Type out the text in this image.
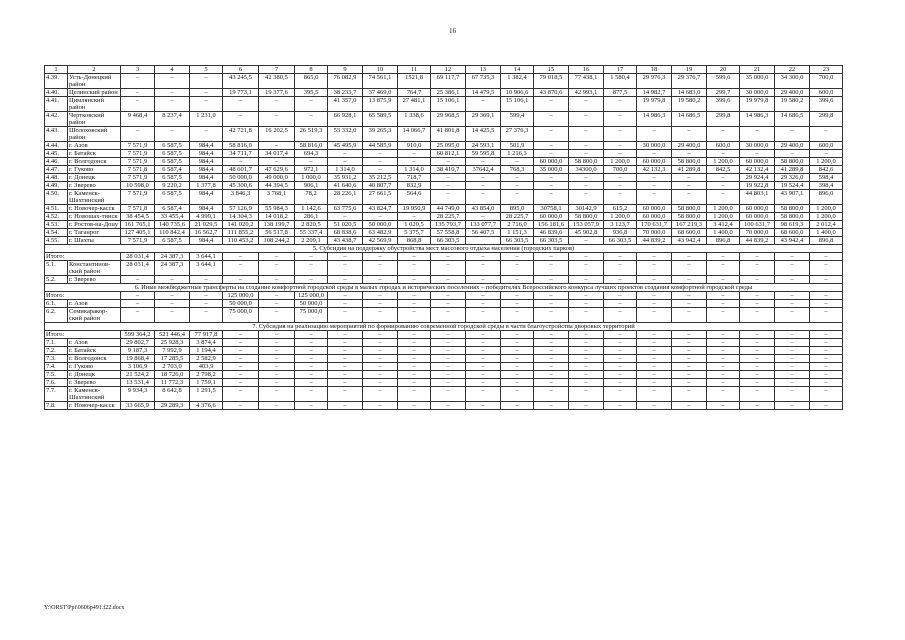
16
1	2	3	4	5	6	7	8	9	10	11	12	13	14	15	16	17	18	19	20	21	22	23
4.39.	Усть-Донецкий район	–	–	–	43 245,5	42 380,5	865,0	76 082,9	74 561,1	1521,8	69 117,7	67 735,3	1 382,4	79 018,5	77 438,1	1 580,4	29 976,3	29 376,7	599,6	35 000,0	34 300,0	700,0
4.40.	Целинский район	–	–	–	19 773,1	19 377,6	395,5	38 233,7	37 469,0	764,7	25 386,1	14 479,5	10 906,6	43 870,6	42 993,1	877,5	14 982,7	14 683,0	299,7	30 000,0	29 400,0	600,0
4.41.	Цимлянский район	–	–	–	–	–	–	41 357,0	13 875,9	27 481,1	15 106,1	–	15 106,1	–	–	–	19 979,8	19 580,2	399,6	19 979,8	19 580,2	399,6
4.42.	Чертковский район	9 468,4	8 237,4	1 231,0	–	–	–	66 928,1	65 589,5	1 338,6	29 968,5	29 369,1	599,4	–	–	–	14 986,3	14 686,5	299,8	14 986,3	14 686,5	299,8
4.43.	Шолоховский район	–	–	–	42 721,8	16 202,5	26 519,3	53 332,0	39 265,3	14 066,7	41 801,8	14 425,5	27 376,3	–	–	–	–	–	–	–	–	–
4.44.	г. Азов	7 571,9	6 587,5	984,4	58 816,0	–	58 816,0	45 495,9	44 585,9	910,0	25 095,0	24 593,1	501,9	–	–	–	30 000,0	29 400,0	600,0	30 000,0	29 400,0	600,0
4.45.	г. Батайск	7 571,9	6 587,5	984,4	34 711,7	34 017,4	694,3	–	–	–	60 812,1	59 595,8	1 216,3	–	–	–	–	–	–	–	–	–
4.46.	г. Волгодонск	7 571,9	6 587,5	984,4	–	–	–	–	–	–	–	–	–	60 000,0	58 800,0	1 200,0	60 000,0	58 800,0	1 200,0	60 000,0	58 800,0	1 200,0
4.47.	г. Гуково	7 571,8	6 587,4	984,4	48 601,7	47 629,6	972,1	1 314,0	–	1 314,0	38 410,7	37642,4	768,3	35 000,0	34300,0	700,0	42 132,3	41 289,8	842,5	42 132,4	41 289,8	842,6
4.48.	г. Донецк	7 571,9	6 587,5	984,4	50 000,0	49 000,0	1 000,0	35 931,2	35 212,5	718,7	–	–	–	–	–	–	–	–	–	29 924,4	29 326,0	598,4
4.49.	г. Зверево	10 598,0	9 220,2	1 377,8	45 300,6	44 394,5	906,1	41 640,6	40 807,7	832,9	–	–	–	–	–	–	–	–	–	19 922,8	19 524,4	398,4
4.50.	г. Каменск-Шахтинский	7 571,9	6 587,5	984,4	3 846,3	3 768,1	78,2	28 226,1	27 661,5	564,6	–	–	–	–	–	–	–	–	–	44 803,1	43 907,1	896,0
4.51.	г. Новочер-касск	7 571,8	6 587,4	984,4	57 126,9	55 984,3	1 142,6	63 775,6	43 824,7	19 950,9	44 749,0	43 854,0	895,0	30758,1	30142,9	615,2	60 000,0	58 800,0	1 200,0	60 000,0	58 800,0	1 200,0
4.52.	г. Новошах-тинск	38 454,5	33 455,4	4 999,1	14 304,3	14 018,2	286,1	–	–	–	28 225,7	–	28 225,7	60 000,0	58 800,0	1 200,0	60 000,0	58 800,0	1 200,0	60 000,0	58 800,0	1 200,0
4.53.	г. Ростов-на-Дону	161 765,1	140 735,6	21 029,5	141 020,2	138 199,7	2 820,5	51 020,5	50 000,0	1 020,5	135 793,7	133 077,7	2 716,0	156 181,6	153 057,9	3 123,7	170 631,7	167 219,3	3 412,4	100 631,7	98 619,3	2 012,4
4.54.	г. Таганрог	127 405,1	110 842,4	16 562,7	111 855,2	56 517,8	55 337,4	68 838,6	63 482,9	5 375,7	57 558,8	56 407,5	1 151,3	46 839,6	45 902,8	936,8	70 000,0	68 600,0	1 400,0	70 000,0	68 600,0	1 400,0
4.55.	г. Шахты	7 571,9	6 587,5	984,4	110 453,2	108 244,2	2 209,1	43 438,7	42 569,9	868,8	66 303,5		66 303,5	66 303,5	–	66 303,5	44 839,2	43 942,4	896,8	44 839,2	43 942,4	896,8
5. Субсидия на поддержку обустройства мест массового отдыха населения (городских парков)																						
Итого:		28 031,4	24 387,3	3 644,1	–	–	–	–	–	–	–	–	–	–	–	–	–	–	–	–	–	–
5.1.	Константинов-ский район	28 031,4	24 387,3	3 644,1	–	–	–	–	–	–	–	–	–	–	–	–	–	–	–	–	–	–
5.2.	г. Зверево	–	–	–	–	–	–	–	–	–	–	–	–	–	–	–	–	–	–	–	–	–
6. Иные межбюджетные трансферты на создание комфортной городской среды в малых городах и исторических поселениях – победителях Всероссийского конкурса лучших проектов создания комфортной городской среды																						
Итого:		–	–	–	125 000,0	–	125 000,0	–	–	–	–	–	–	–	–	–	–	–	–	–	–	–
6.1.	г. Азов	–	–	–	50 000,0	–	50 000,0	–	–	–	–	–	–	–	–	–	–	–	–	–	–	–
6.2.	Семикаракор-ский район	–	–	–	75 000,0	–	75 000,0	–	–	–	–	–	–	–	–	–	–	–	–	–	–	–
7. Субсидия на реализацию мероприятий по формированию современной городской среды в части благоустройства дворовых территорий																						
Итого:		599 364,2	521 446,4	77 917,8	–	–	–	–	–	–	–	–	–	–	–	–	–	–	–	–	–	–
7.1.	г. Азов	29 802,7	25 928,3	3 874,4	–	–	–	–	–	–	–	–	–	–	–	–	–	–	–	–	–	–
7.2.	г. Батайск	9 187,3	7 992,9	1 194,4	–	–	–	–	–	–	–	–	–	–	–	–	–	–	–	–	–	–
7.3.	г. Волгодонск	19 868,4	17 285,5	2 582,9	–	–	–	–	–	–	–	–	–	–	–	–	–	–	–	–	–	–
7.4.	г. Гуково	3 106,9	2 703,0	403,9	–	–	–	–	–	–	–	–	–	–	–	–	–	–	–	–	–	–
7.5.	г. Донецк	21 524,2	18 726,0	2 798,2	–	–	–	–	–	–	–	–	–	–	–	–	–	–	–	–	–	–
7.6.	г. Зверево	13 531,4	11 772,3	1 759,1	–	–	–	–	–	–	–	–	–	–	–	–	–	–	–	–	–	–
7.7.	г. Каменск-Шахтинский	9 934,3	8 642,8	1 291,5	–	–	–	–	–	–	–	–	–	–	–	–	–	–	–	–	–	–
7.8.	г. Новочер-касск	33 665,9	29 289,3	4 376,6	–	–	–	–	–	–	–	–	–	–	–	–	–	–	–	–	–	–
Y:\ORST\Ppi\0606p491.f22.docx
